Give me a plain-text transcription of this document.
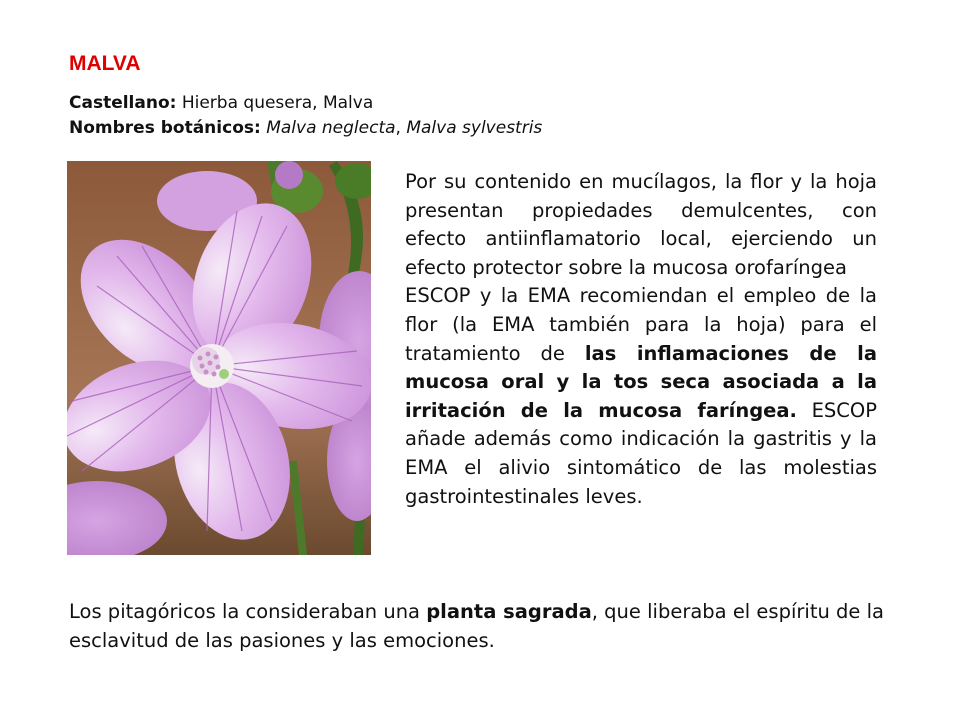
MALVA
Castellano: Hierba quesera, Malva
Nombres botánicos: Malva neglecta, Malva sylvestris

Por su contenido en mucílagos, la flor y la hoja presentan propiedades demulcentes, con efecto antiinflamatorio local, ejerciendo un efecto protector sobre la mucosa orofaríngea

ESCOP y la EMA recomiendan el empleo de la flor (la EMA también para la hoja) para el tratamiento de las inflamaciones de la mucosa oral y la tos seca asociada a la irritación de la mucosa faríngea. ESCOP añade además como indicación la gastritis y la EMA el alivio sintomático de las molestias gastrointestinales leves.

Los pitagóricos la consideraban una planta sagrada, que liberaba el espíritu de la esclavitud de las pasiones y las emociones.
